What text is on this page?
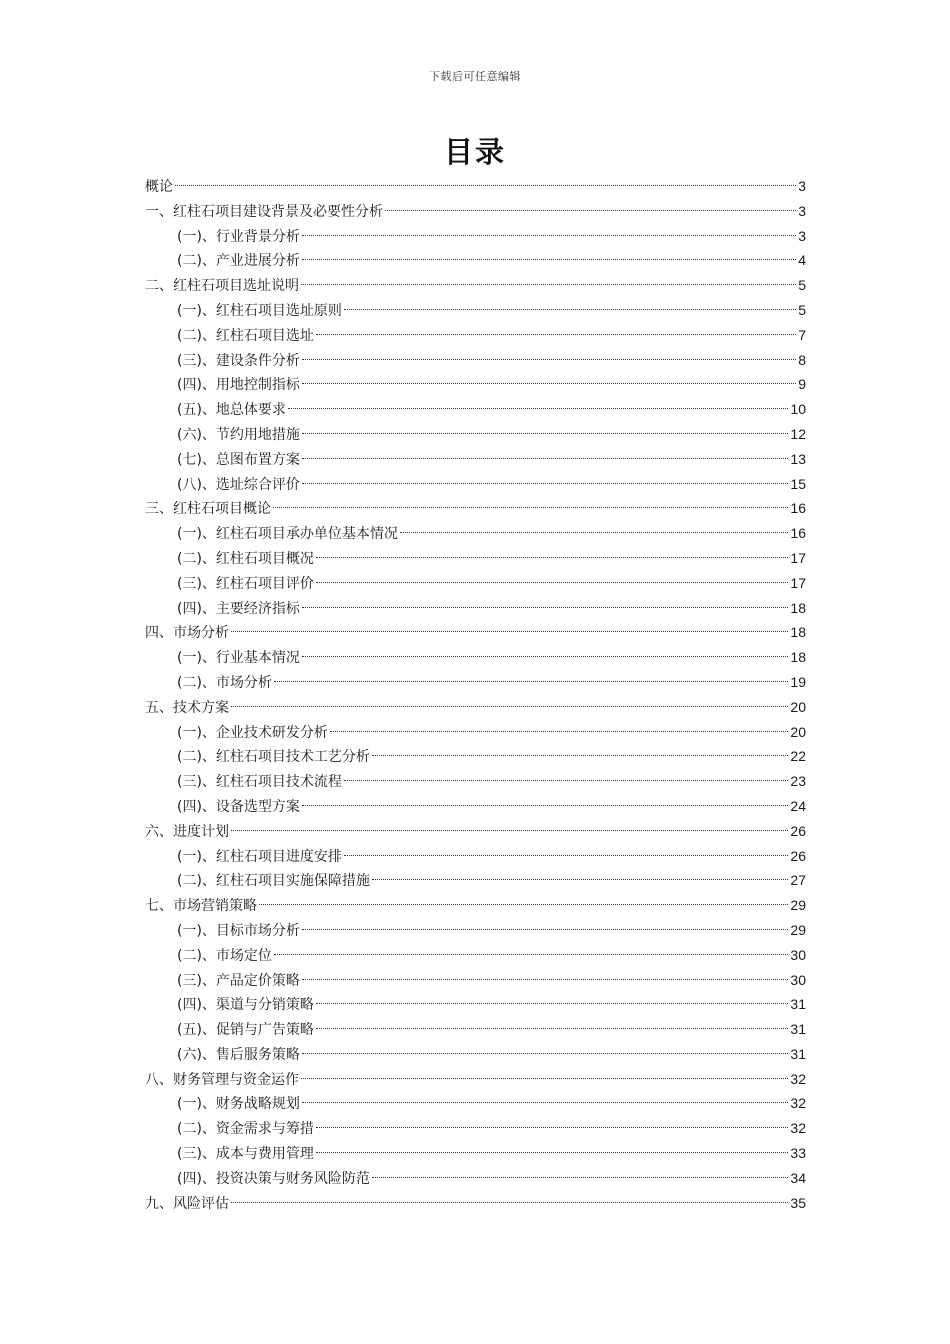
下载后可任意编辑
目录
概论	3
一、红柱石项目建设背景及必要性分析	3
(一)、行业背景分析	3
(二)、产业进展分析	4
二、红柱石项目选址说明	5
(一)、红柱石项目选址原则	5
(二)、红柱石项目选址	7
(三)、建设条件分析	8
(四)、用地控制指标	9
(五)、地总体要求	10
(六)、节约用地措施	12
(七)、总图布置方案	13
(八)、选址综合评价	15
三、红柱石项目概论	16
(一)、红柱石项目承办单位基本情况	16
(二)、红柱石项目概况	17
(三)、红柱石项目评价	17
(四)、主要经济指标	18
四、市场分析	18
(一)、行业基本情况	18
(二)、市场分析	19
五、技术方案	20
(一)、企业技术研发分析	20
(二)、红柱石项目技术工艺分析	22
(三)、红柱石项目技术流程	23
(四)、设备选型方案	24
六、进度计划	26
(一)、红柱石项目进度安排	26
(二)、红柱石项目实施保障措施	27
七、市场营销策略	29
(一)、目标市场分析	29
(二)、市场定位	30
(三)、产品定价策略	30
(四)、渠道与分销策略	31
(五)、促销与广告策略	31
(六)、售后服务策略	31
八、财务管理与资金运作	32
(一)、财务战略规划	32
(二)、资金需求与筹措	32
(三)、成本与费用管理	33
(四)、投资决策与财务风险防范	34
九、风险评估	35
